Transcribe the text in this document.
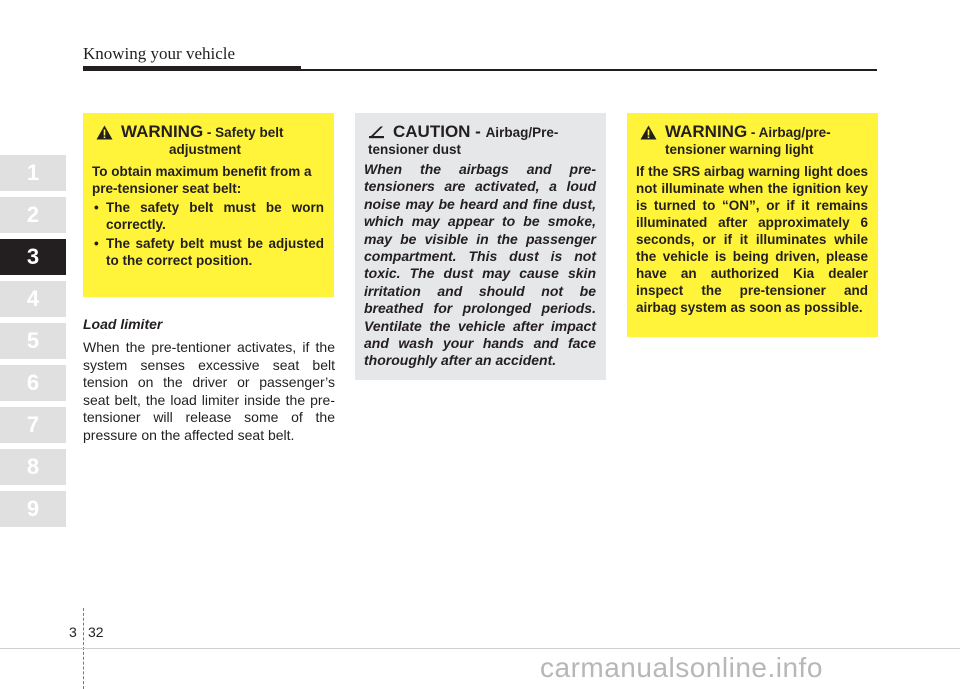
Knowing your vehicle
1
2
3
4
5
6
7
8
9
WARNING - Safety belt
adjustment
To obtain maximum benefit from a pre-tensioner seat belt:
• The safety belt must be worn correctly.
• The safety belt must be adjusted to the correct position.
Load limiter
When the pre-tentioner activates, if the system senses excessive seat belt tension on the driver or passenger’s seat belt, the load limiter inside the pre-tensioner will release some of the pressure on the affected seat belt.
CAUTION - Airbag/Pre-
tensioner dust
When the airbags and pre-tensioners are activated, a loud noise may be heard and fine dust, which may appear to be smoke, may be visible in the passenger compartment. This dust is not toxic. The dust may cause skin irritation and should not be breathed for prolonged periods. Ventilate the vehicle after impact and wash your hands and face thoroughly after an accident.
WARNING - Airbag/pre-
tensioner warning light
If the SRS airbag warning light does not illuminate when the ignition key is turned to “ON”, or if it remains illuminated after approximately 6 seconds, or if it illuminates while the vehicle is being driven, please have an authorized Kia dealer inspect the pre-tensioner and airbag system as soon as possible.
3 32
carmanualsonline.info
